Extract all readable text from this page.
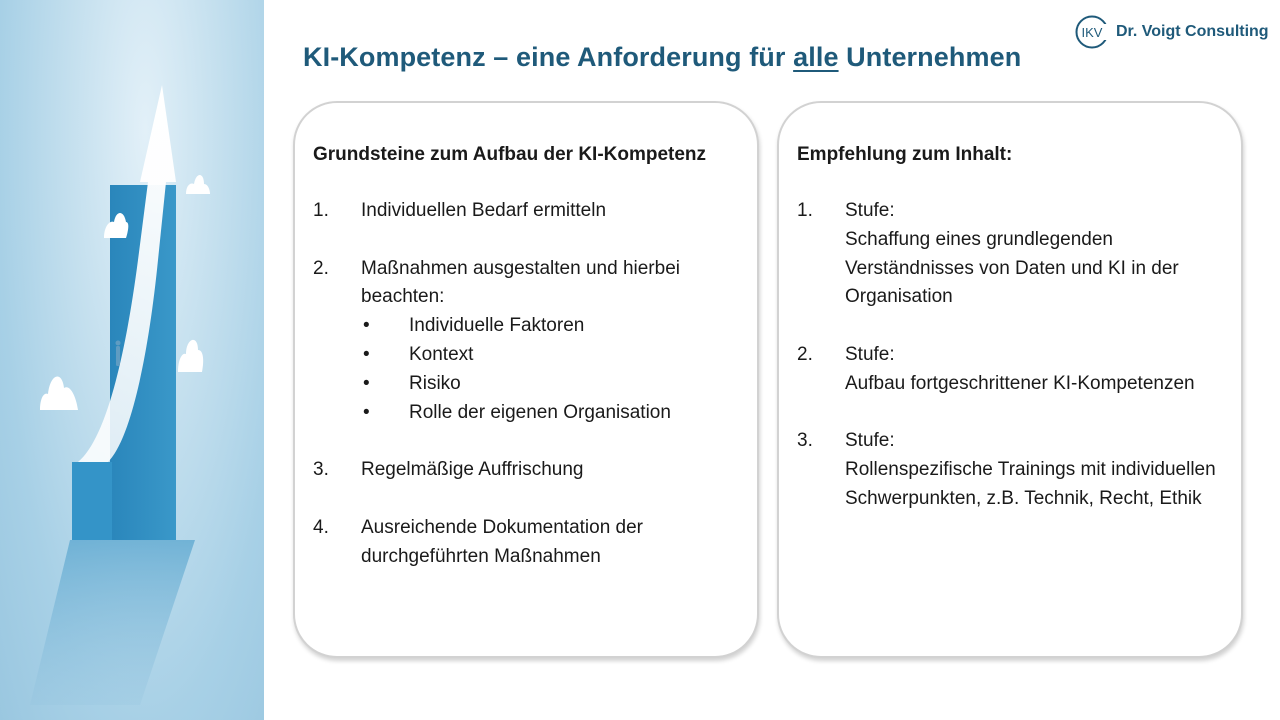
KI-Kompetenz – eine Anforderung für alle Unternehmen
IKV Dr. Voigt Consulting
Grundsteine zum Aufbau der KI-Kompetenz
1.	Individuellen Bedarf ermitteln
2.	Maßnahmen ausgestalten und hierbei beachten:
•	Individuelle Faktoren
•	Kontext
•	Risiko
•	Rolle der eigenen Organisation
3.	Regelmäßige Auffrischung
4.	Ausreichende Dokumentation der durchgeführten Maßnahmen
Empfehlung zum Inhalt:
1.	Stufe:
Schaffung eines grundlegenden Verständnisses von Daten und KI in der Organisation
2.	Stufe:
Aufbau fortgeschrittener KI-Kompetenzen
3.	Stufe:
Rollenspezifische Trainings mit individuellen Schwerpunkten, z.B. Technik, Recht, Ethik
